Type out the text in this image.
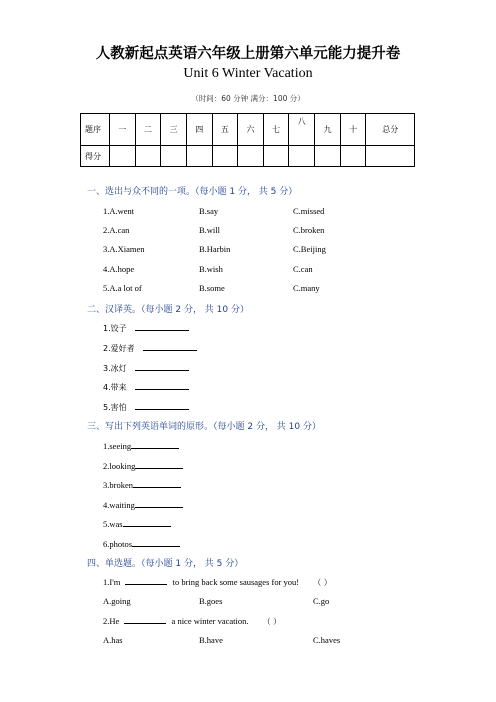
人教新起点英语六年级上册第六单元能力提升卷
Unit 6 Winter Vacation
（时间：60 分钟 满分：100 分）
题序	一	二	三	四	五	六	七	八	九	十	总分
得分											
一、选出与众不同的一项。（每小题 1 分， 共 5 分）
1.A.went	B.say	C.missed
2.A.can	B.will	C.broken
3.A.Xiamen	B.Harbin	C.Beijing
4.A.hope	B.wish	C.can
5.A.a lot of	B.some	C.many
二、汉译英。（每小题 2 分， 共 10 分）
1.饺子
2.爱好者
3.冰灯
4.带来
5.害怕
三、写出下列英语单词的原形。（每小题 2 分， 共 10 分）
1.seeing
2.looking
3.broken
4.waiting
5.was
6.photos
四、单选题。（每小题 1 分， 共 5 分）
1.I'm	to bring back some sausages for you! （ ）
A.going	B.goes	C.go
2.He	a nice winter vacation. （ ）
A.has	B.have	C.haves
